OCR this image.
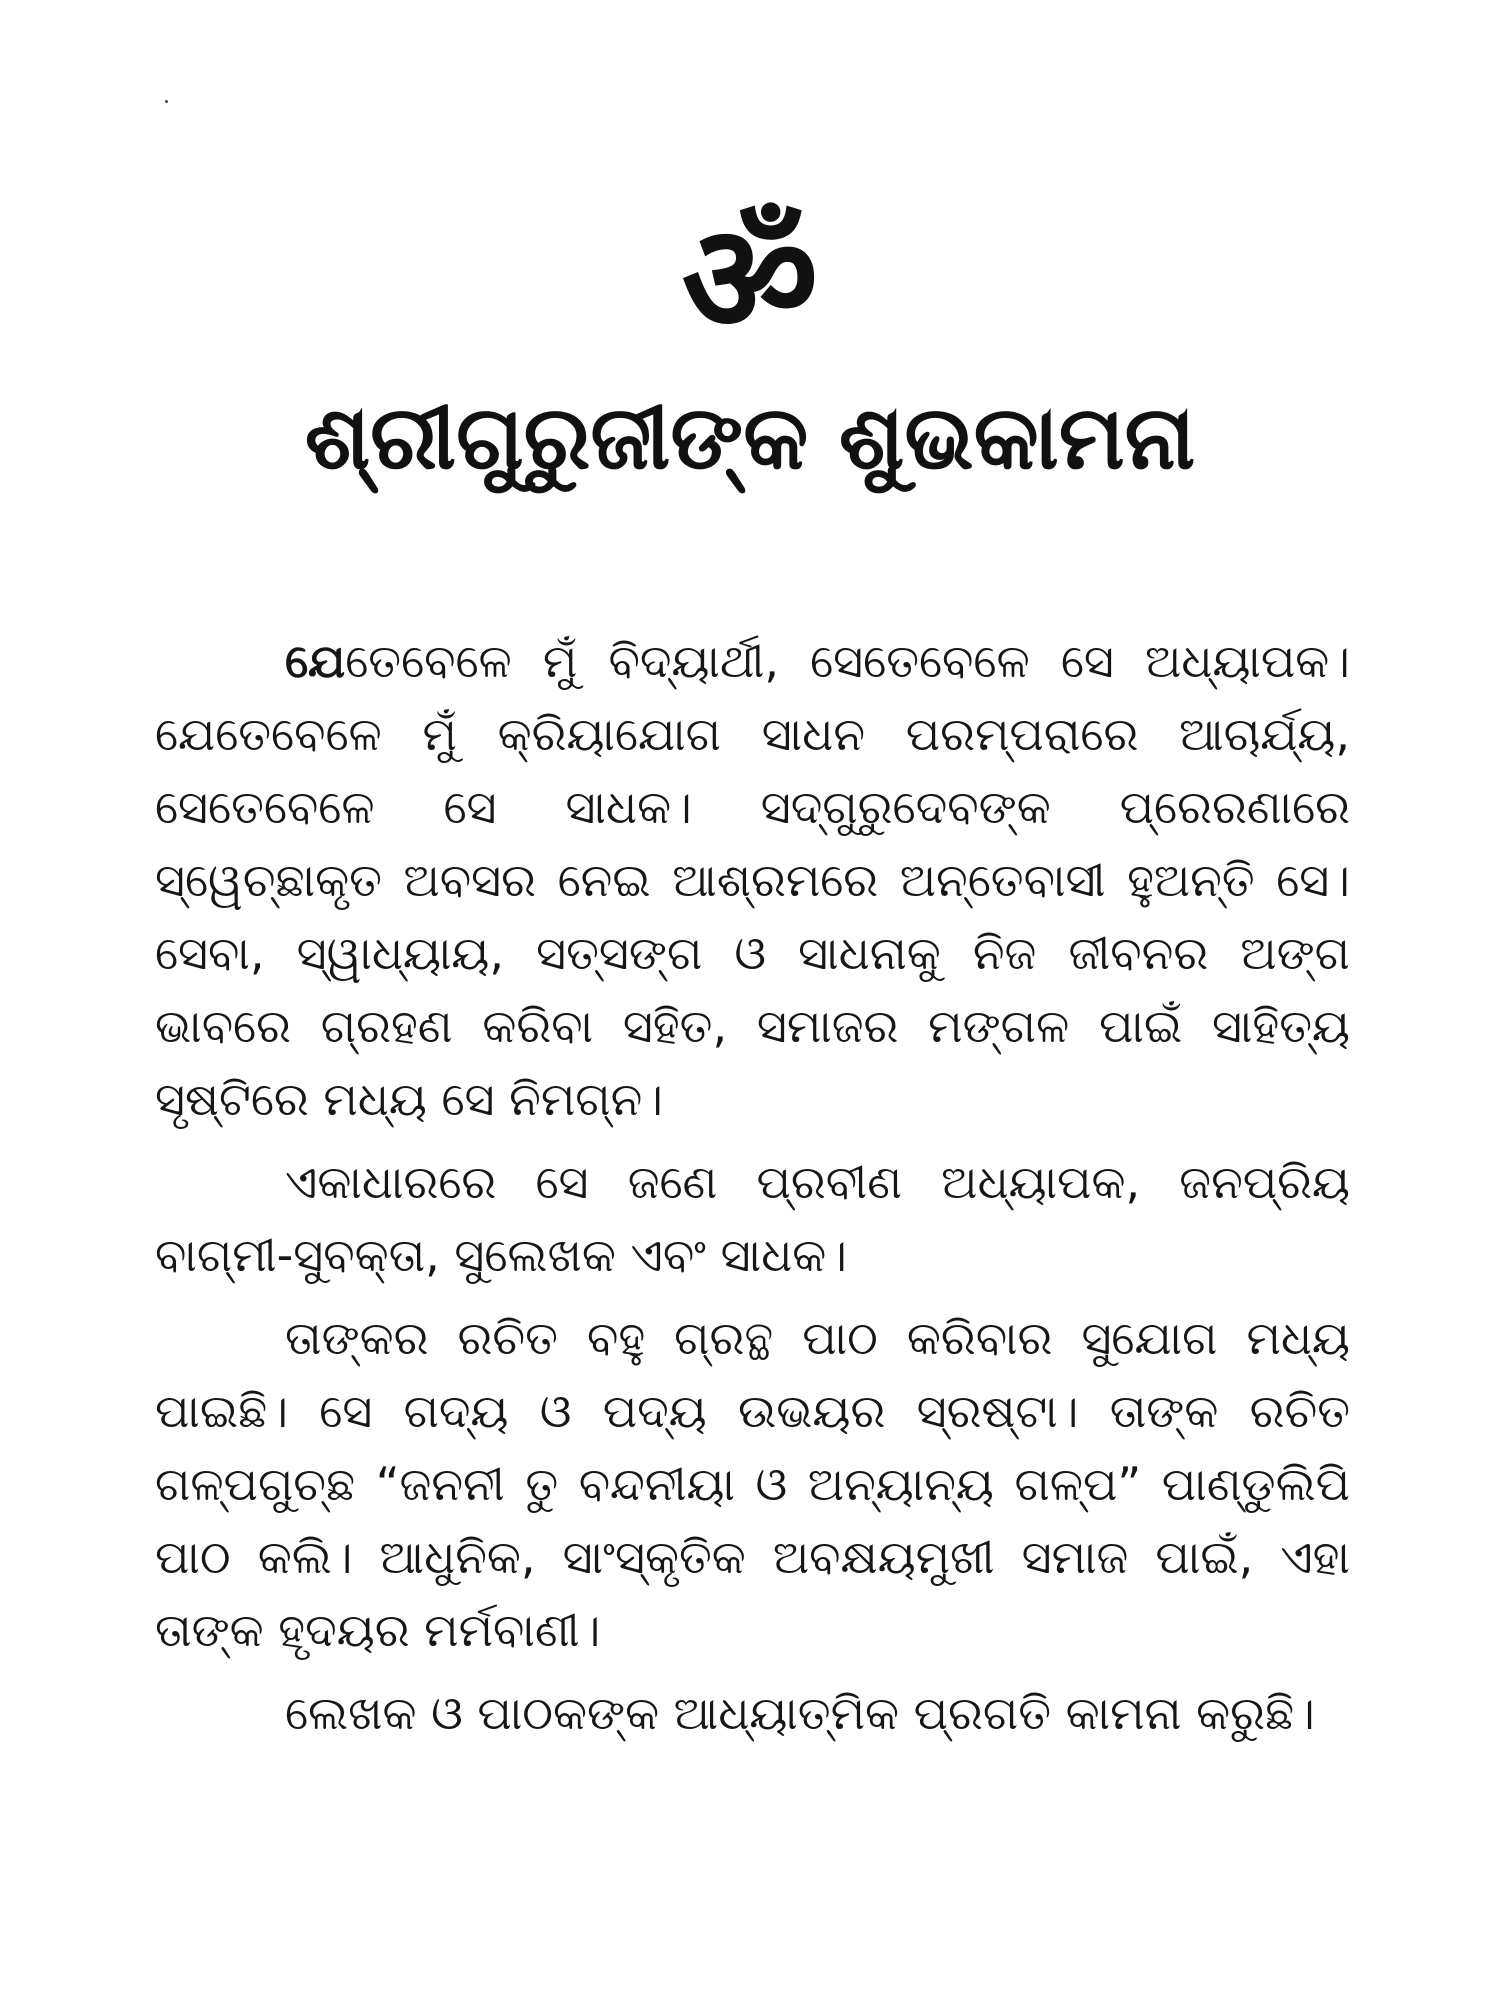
ॐ
ଶ୍ରୀଗୁରୁଜୀଙ୍କ ଶୁଭକାମନା

ଯେତେବେଳେ ମୁଁ ବିଦ୍ୟାର୍ଥୀ, ସେତେବେଳେ ସେ ଅଧ୍ୟାପକ। ଯେତେବେଳେ ମୁଁ କ୍ରିୟାଯୋଗ ସାଧନ ପରମ୍ପରାରେ ଆଚାର୍ଯ୍ୟ, ସେତେବେଳେ ସେ ସାଧକ। ସଦ୍‌ଗୁରୁଦେବଙ୍କ ପ୍ରେରଣାରେ ସ୍ୱେଚ୍ଛାକୃତ ଅବସର ନେଇ ଆଶ୍ରମରେ ଅନ୍ତେବାସୀ ହୁଅନ୍ତି ସେ। ସେବା, ସ୍ୱାଧ୍ୟାୟ, ସତ୍‌ସଙ୍ଗ ଓ ସାଧନାକୁ ନିଜ ଜୀବନର ଅଙ୍ଗ ଭାବରେ ଗ୍ରହଣ କରିବା ସହିତ, ସମାଜର ମଙ୍ଗଳ ପାଇଁ ସାହିତ୍ୟ ସୃଷ୍ଟିରେ ମଧ୍ୟ ସେ ନିମଗ୍ନ।

ଏକାଧାରରେ ସେ ଜଣେ ପ୍ରବୀଣ ଅଧ୍ୟାପକ, ଜନପ୍ରିୟ ବାଗ୍ମୀ-ସୁବକ୍ତା, ସୁଲେଖକ ଏବଂ ସାଧକ।

ତାଙ୍କର ରଚିତ ବହୁ ଗ୍ରନ୍ଥ ପାଠ କରିବାର ସୁଯୋଗ ମଧ୍ୟ ପାଇଛି। ସେ ଗଦ୍ୟ ଓ ପଦ୍ୟ ଉଭୟର ସ୍ରଷ୍ଟା। ତାଙ୍କ ରଚିତ ଗଳ୍ପଗୁଚ୍ଛ “ଜନନୀ ତୁ ବନ୍ଦନୀୟା ଓ ଅନ୍ୟାନ୍ୟ ଗଳ୍ପ” ପାଣ୍ଡୁଲିପି ପାଠ କଲି। ଆଧୁନିକ, ସାଂସ୍କୃତିକ ଅବକ୍ଷୟମୁଖୀ ସମାଜ ପାଇଁ, ଏହା ତାଙ୍କ ହୃଦୟର ମର୍ମବାଣୀ।

ଲେଖକ ଓ ପାଠକଙ୍କ ଆଧ୍ୟାତ୍ମିକ ପ୍ରଗତି କାମନା କରୁଛି।
